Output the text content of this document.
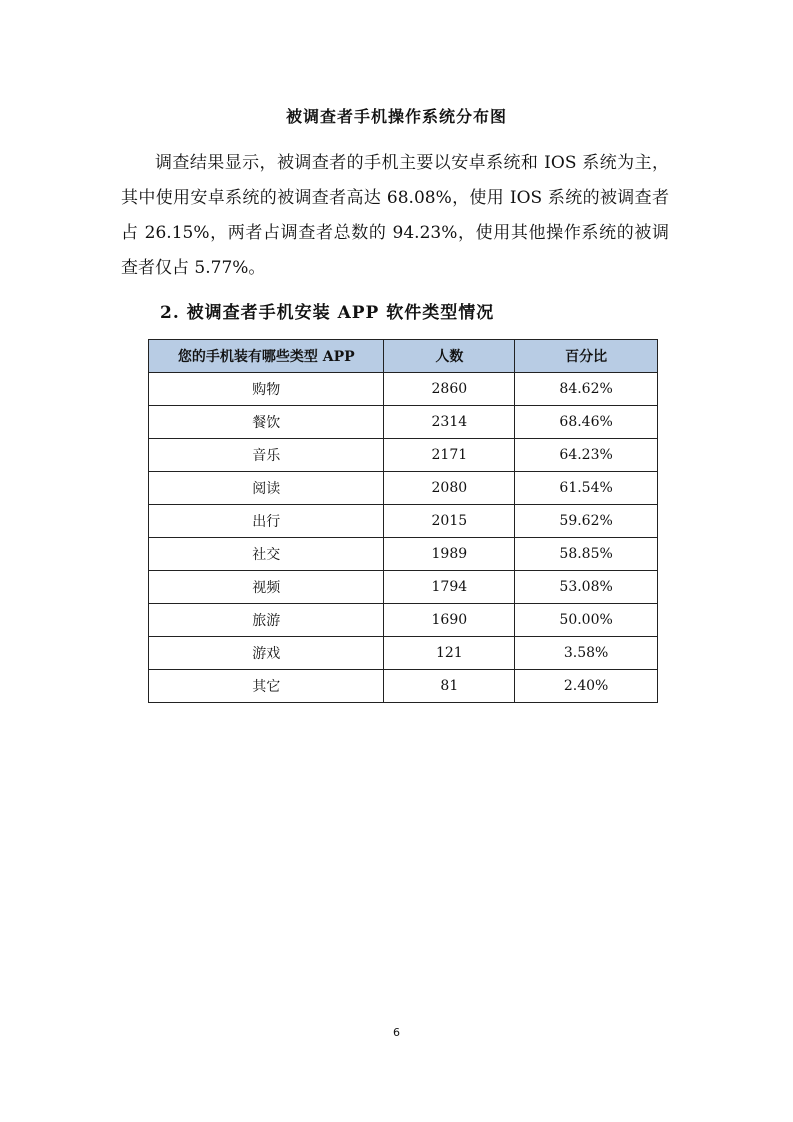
被调查者手机操作系统分布图

调查结果显示，被调查者的手机主要以安卓系统和 IOS 系统为主，其中使用安卓系统的被调查者高达 68.08%，使用 IOS 系统的被调查者占 26.15%，两者占调查者总数的 94.23%，使用其他操作系统的被调查者仅占 5.77%。

2. 被调查者手机安装 APP 软件类型情况
您的手机装有哪些类型 APP	人数	百分比
购物	2860	84.62%
餐饮	2314	68.46%
音乐	2171	64.23%
阅读	2080	61.54%
出行	2015	59.62%
社交	1989	58.85%
视频	1794	53.08%
旅游	1690	50.00%
游戏	121	3.58%
其它	81	2.40%
6
